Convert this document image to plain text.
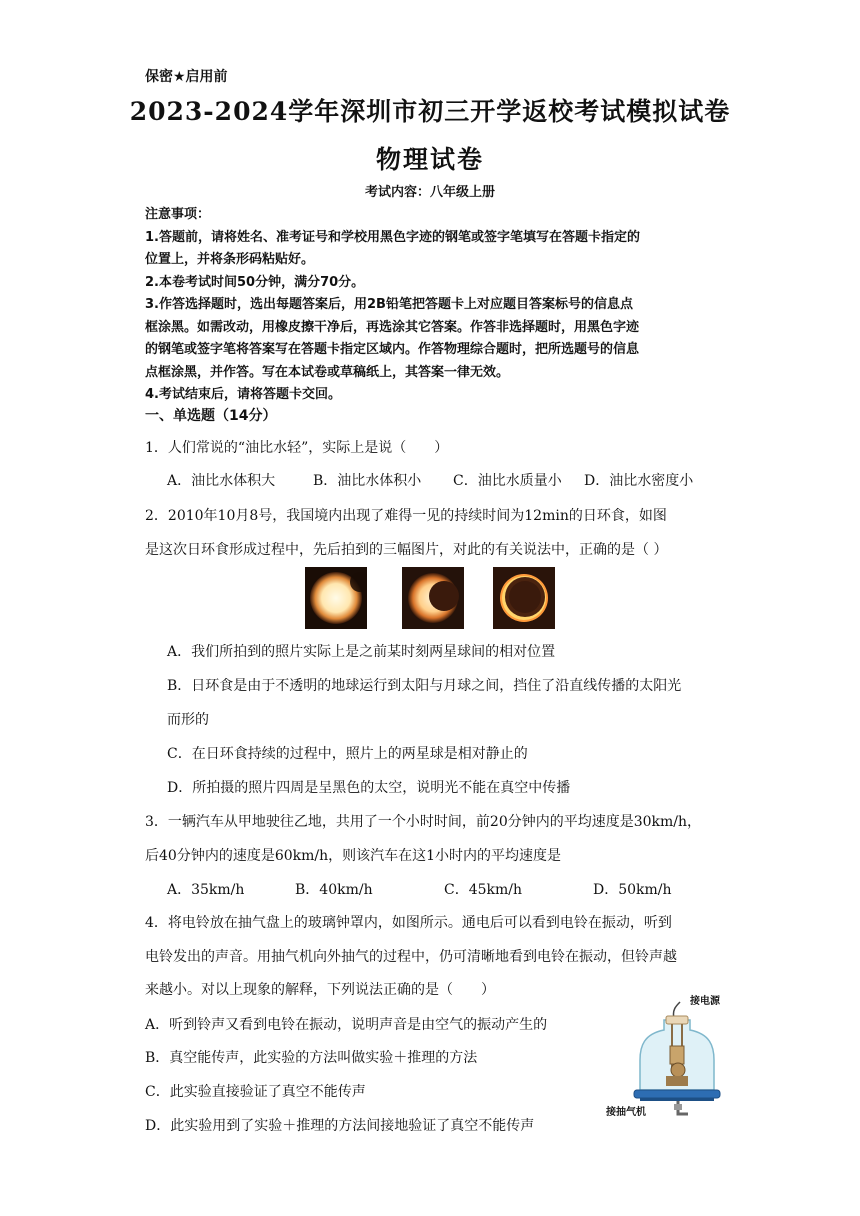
保密★启用前
2023-2024学年深圳市初三开学返校考试模拟试卷
物理试卷
考试内容：八年级上册
注意事项：
1.答题前，请将姓名、准考证号和学校用黑色字迹的钢笔或签字笔填写在答题卡指定的
位置上，并将条形码粘贴好。
2.本卷考试时间50分钟，满分70分。
3.作答选择题时，选出每题答案后，用2B铅笔把答题卡上对应题目答案标号的信息点
框涂黑。如需改动，用橡皮擦干净后，再选涂其它答案。作答非选择题时，用黑色字迹
的钢笔或签字笔将答案写在答题卡指定区域内。作答物理综合题时，把所选题号的信息
点框涂黑，并作答。写在本试卷或草稿纸上，其答案一律无效。
4.考试结束后，请将答题卡交回。
一、单选题（14分）
1．人们常说的“油比水轻”，实际上是说（　　）
A．油比水体积大	B．油比水体积小 C．油比水质量小 D．油比水密度小
2．2010年10月8号，我国境内出现了难得一见的持续时间为12min的日环食，如图
是这次日环食形成过程中，先后拍到的三幅图片，对此的有关说法中，正确的是（ ）
A．我们所拍到的照片实际上是之前某时刻两星球间的相对位置
B．日环食是由于不透明的地球运行到太阳与月球之间，挡住了沿直线传播的太阳光
而形的
C．在日环食持续的过程中，照片上的两星球是相对静止的
D．所拍摄的照片四周是呈黑色的太空，说明光不能在真空中传播
3．一辆汽车从甲地驶往乙地，共用了一个小时时间，前20分钟内的平均速度是30km/h，
后40分钟内的速度是60km/h，则该汽车在这1小时内的平均速度是
A．35km/h	B．40km/h	C．45km/h	D．50km/h
4．将电铃放在抽气盘上的玻璃钟罩内，如图所示。通电后可以看到电铃在振动，听到
电铃发出的声音。用抽气机向外抽气的过程中，仍可清晰地看到电铃在振动，但铃声越
来越小。对以上现象的解释，下列说法正确的是（　　）
A．听到铃声又看到电铃在振动，说明声音是由空气的振动产生的
B．真空能传声，此实验的方法叫做实验＋推理的方法
C．此实验直接验证了真空不能传声
D．此实验用到了实验＋推理的方法间接地验证了真空不能传声
接电源
接抽气机
